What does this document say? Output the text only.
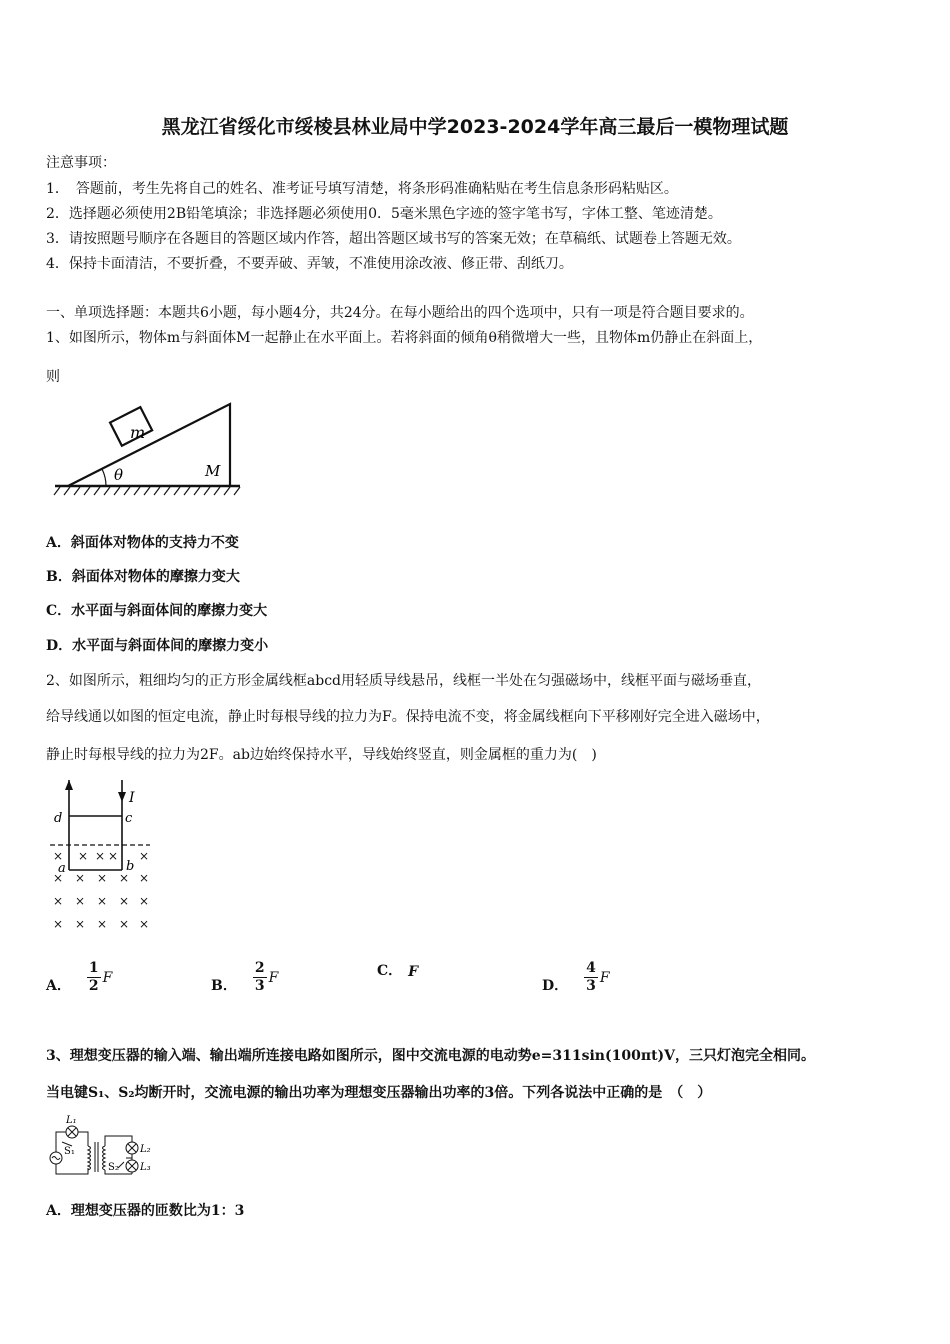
黑龙江省绥化市绥棱县林业局中学2023-2024学年高三最后一模物理试题
注意事项：
1．　答题前，考生先将自己的姓名、准考证号填写清楚，将条形码准确粘贴在考生信息条形码粘贴区。
2．选择题必须使用2B铅笔填涂；非选择题必须使用0．5毫米黑色字迹的签字笔书写，字体工整、笔迹清楚。
3．请按照题号顺序在各题目的答题区域内作答，超出答题区域书写的答案无效；在草稿纸、试题卷上答题无效。
4．保持卡面清洁，不要折叠，不要弄破、弄皱，不准使用涂改液、修正带、刮纸刀。
一、单项选择题：本题共6小题，每小题4分，共24分。在每小题给出的四个选项中，只有一项是符合题目要求的。
1、如图所示，物体m与斜面体M一起静止在水平面上。若将斜面的倾角θ稍微增大一些，且物体m仍静止在斜面上，
则
m
θ	M
A．斜面体对物体的支持力不变
B．斜面体对物体的摩擦力变大
C．水平面与斜面体间的摩擦力变大
D．水平面与斜面体间的摩擦力变小
2、如图所示，粗细均匀的正方形金属线框abcd用轻质导线悬吊，线框一半处在匀强磁场中，线框平面与磁场垂直，
给导线通以如图的恒定电流，静止时每根导线的拉力为F。保持电流不变，将金属线框向下平移刚好完全进入磁场中，
静止时每根导线的拉力为2F。ab边始终保持水平，导线始终竖直，则金属框的重力为(　)
I
d	c
a	b
× × × × ×
× × × × ×
× × × × ×
× × × × ×
A． $\frac{1}{2}$ F
B． $\frac{2}{3}$ F	C． F
D． $\frac{4}{3}$ F
3、理想变压器的输入端、输出端所连接电路如图所示，图中交流电源的电动势e=311sin(100πt)V，三只灯泡完全相同。
当电键S₁、S₂均断开时，交流电源的输出功率为理想变压器输出功率的3倍。下列各说法中正确的是　（　）
L₁
S₁	L₂
S₂ L₃
A．理想变压器的匝数比为1：3
